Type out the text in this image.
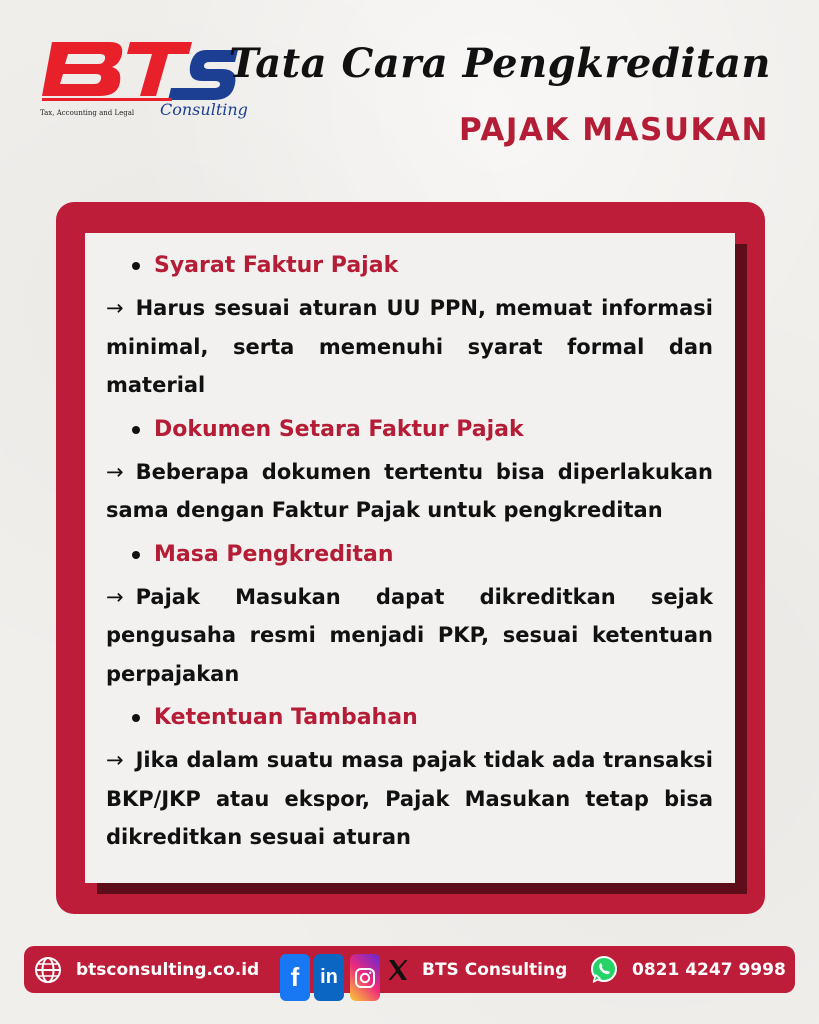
Tax, Accounting and Legal Consulting
Tata Cara Pengkreditan
PAJAK MASUKAN
Syarat Faktur Pajak
→ Harus sesuai aturan UU PPN, memuat informasi minimal, serta memenuhi syarat formal dan material
Dokumen Setara Faktur Pajak
→ Beberapa dokumen tertentu bisa diperlakukan sama dengan Faktur Pajak untuk pengkreditan
Masa Pengkreditan
→ Pajak Masukan dapat dikreditkan sejak pengusaha resmi menjadi PKP, sesuai ketentuan perpajakan
Ketentuan Tambahan
→ Jika dalam suatu masa pajak tidak ada transaksi BKP/JKP atau ekspor, Pajak Masukan tetap bisa dikreditkan sesuai aturan
btsconsulting.co.id	f	in	BTS Consulting	0821 4247 9998
